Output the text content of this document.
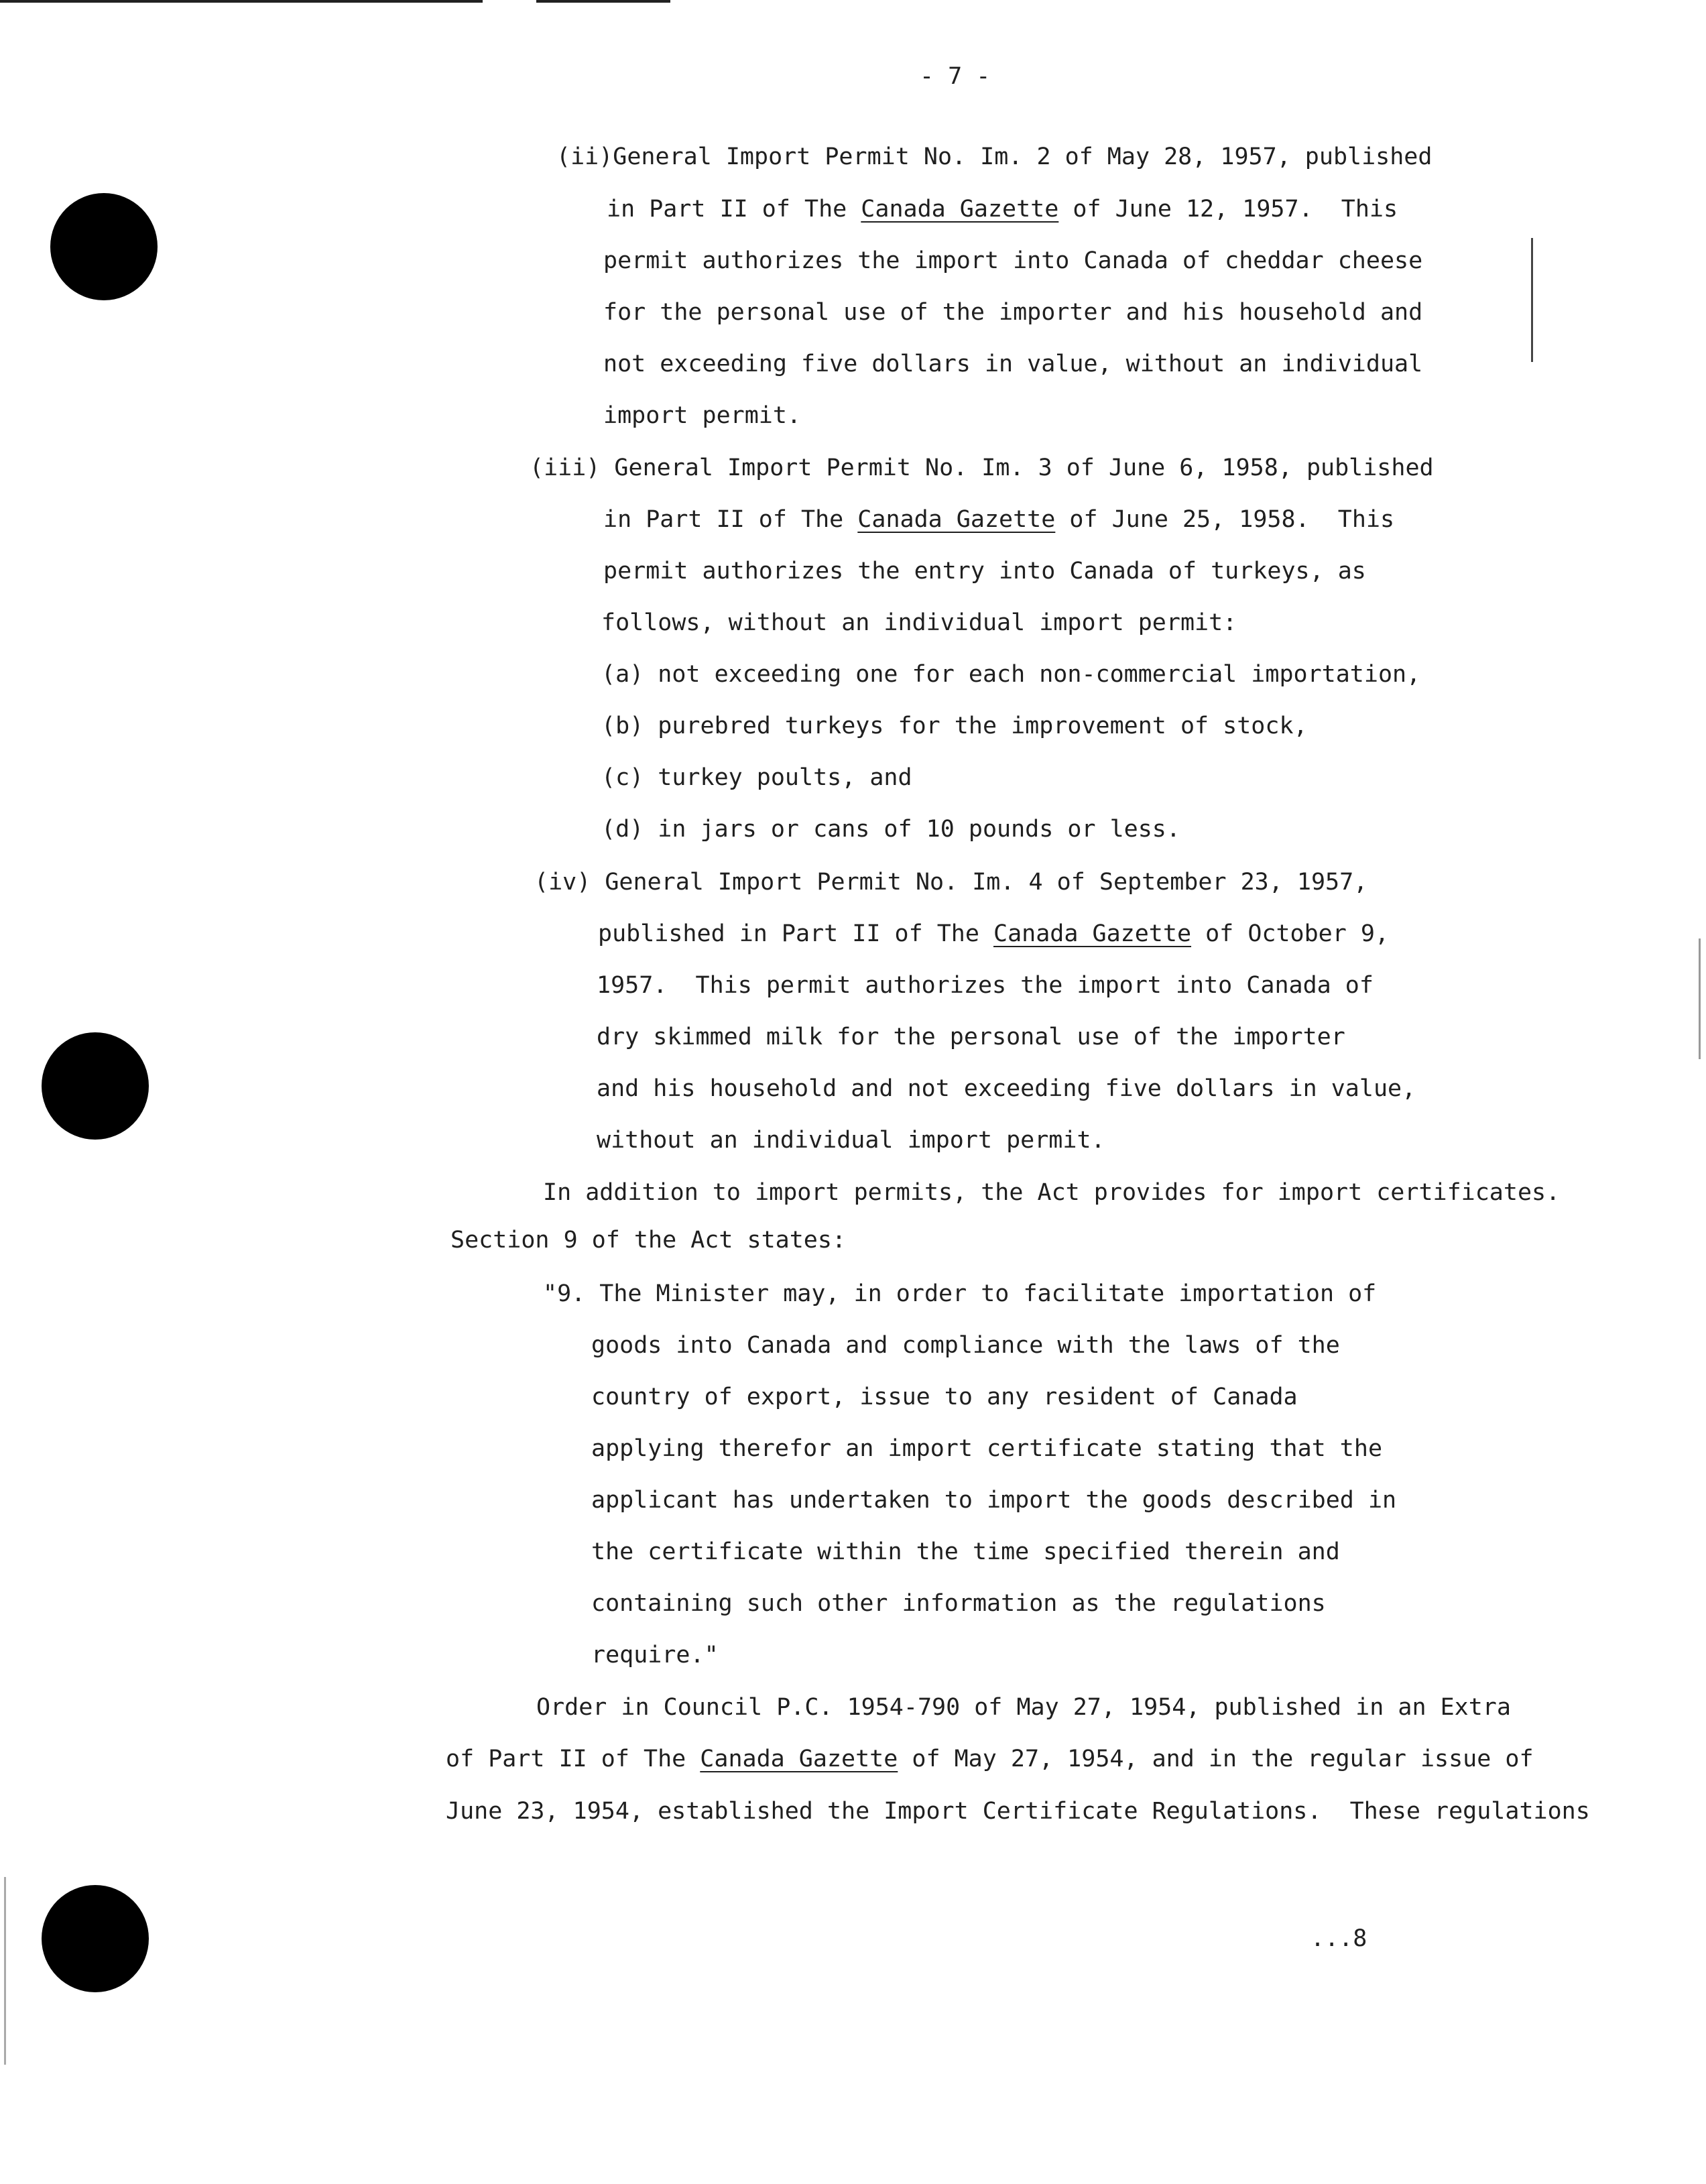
- 7 -
(ii)General Import Permit No. Im. 2 of May 28, 1957, published
in Part II of The Canada Gazette of June 12, 1957.  This
permit authorizes the import into Canada of cheddar cheese
for the personal use of the importer and his household and
not exceeding five dollars in value, without an individual
import permit.
(iii) General Import Permit No. Im. 3 of June 6, 1958, published
in Part II of The Canada Gazette of June 25, 1958.  This
permit authorizes the entry into Canada of turkeys, as
follows, without an individual import permit:
(a) not exceeding one for each non-commercial importation,
(b) purebred turkeys for the improvement of stock,
(c) turkey poults, and
(d) in jars or cans of 10 pounds or less.
(iv) General Import Permit No. Im. 4 of September 23, 1957,
published in Part II of The Canada Gazette of October 9,
1957.  This permit authorizes the import into Canada of
dry skimmed milk for the personal use of the importer
and his household and not exceeding five dollars in value,
without an individual import permit.
In addition to import permits, the Act provides for import certificates.
Section 9 of the Act states:
"9. The Minister may, in order to facilitate importation of
goods into Canada and compliance with the laws of the
country of export, issue to any resident of Canada
applying therefor an import certificate stating that the
applicant has undertaken to import the goods described in
the certificate within the time specified therein and
containing such other information as the regulations
require."
Order in Council P.C. 1954-790 of May 27, 1954, published in an Extra
of Part II of The Canada Gazette of May 27, 1954, and in the regular issue of
June 23, 1954, established the Import Certificate Regulations.  These regulations
...8
